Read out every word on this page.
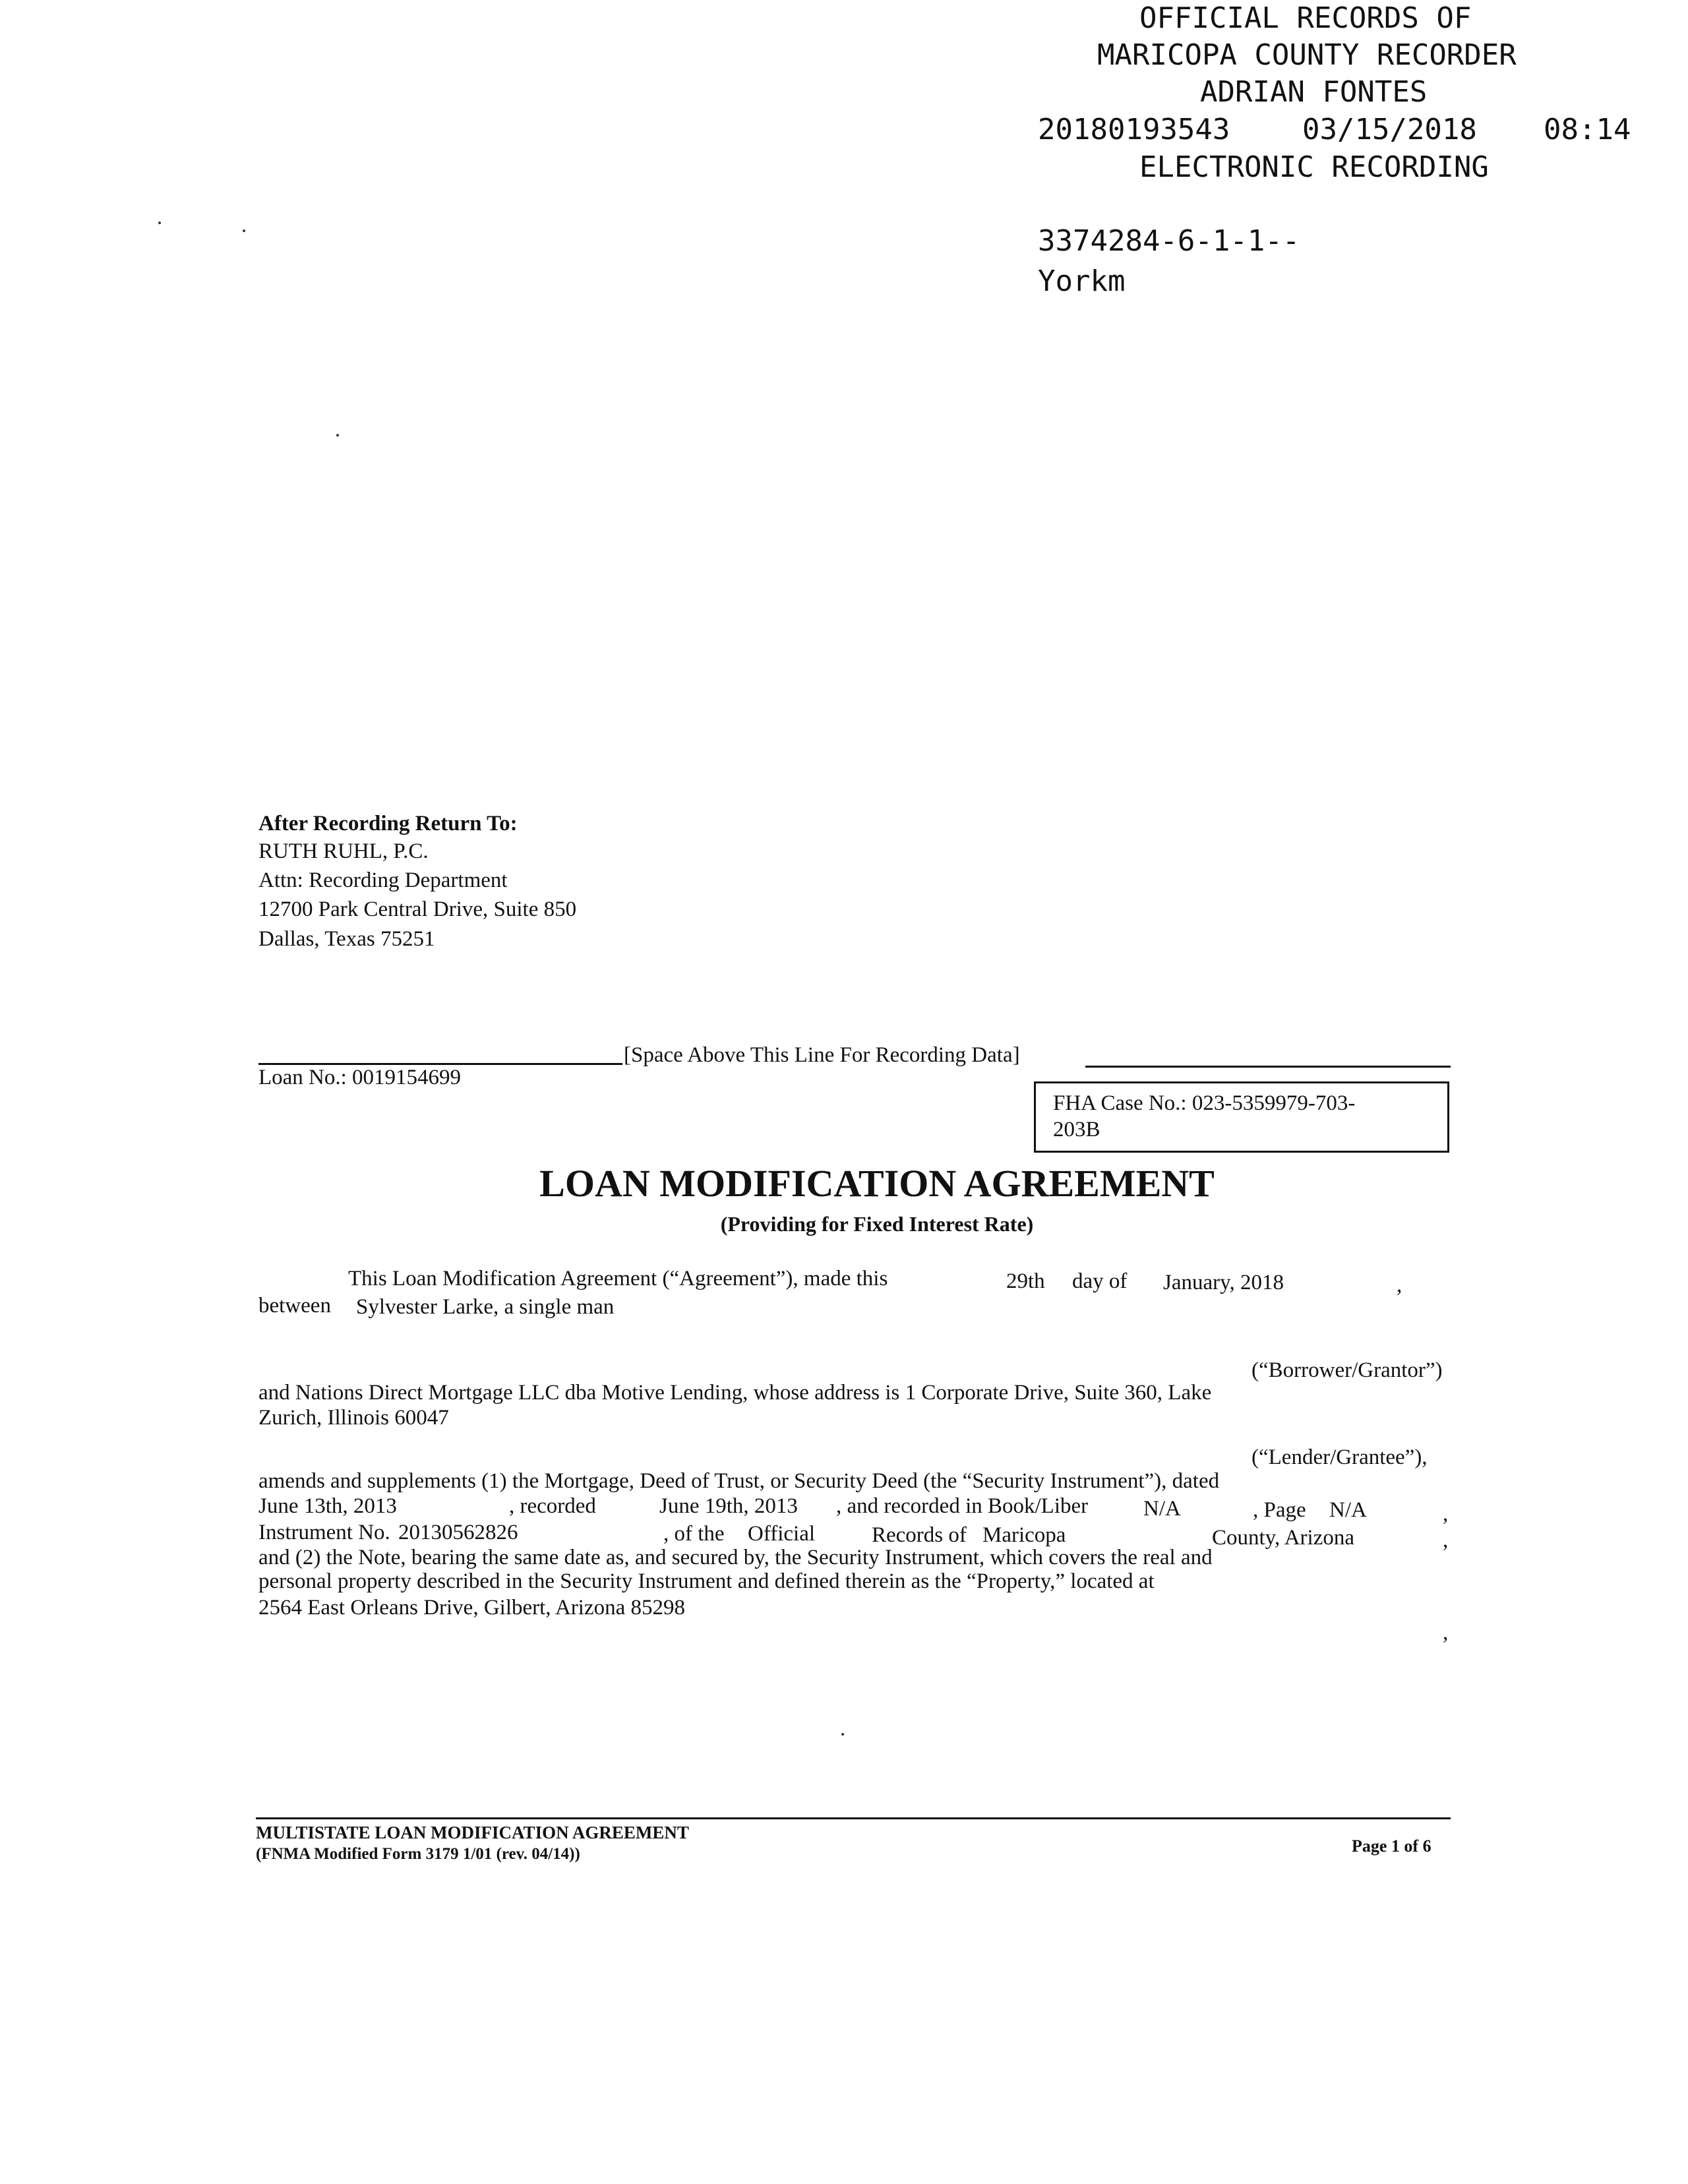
OFFICIAL RECORDS OF
MARICOPA COUNTY RECORDER
ADRIAN FONTES
20180193543 03/15/2018 08:14
ELECTRONIC RECORDING
3374284-6-1-1--
Yorkm
After Recording Return To:
RUTH RUHL, P.C.
Attn: Recording Department
12700 Park Central Drive, Suite 850
Dallas, Texas 75251
[Space Above This Line For Recording Data]
Loan No.: 0019154699
FHA Case No.: 023-5359979-703-
203B
LOAN MODIFICATION AGREEMENT
(Providing for Fixed Interest Rate)
This Loan Modification Agreement (“Agreement”), made this	29th day of January, 2018	,
between Sylvester Larke, a single man
(“Borrower/Grantor”)
and Nations Direct Mortgage LLC dba Motive Lending, whose address is 1 Corporate Drive, Suite 360, Lake
Zurich, Illinois 60047
(“Lender/Grantee”),
amends and supplements (1) the Mortgage, Deed of Trust, or Security Deed (the “Security Instrument”), dated
June 13th, 2013	, recorded	June 19th, 2013 , and recorded in Book/Liber	N/A	, Page N/A	,
Instrument No. 20130562826	, of the Official	Records of Maricopa	County, Arizona	,
and (2) the Note, bearing the same date as, and secured by, the Security Instrument, which covers the real and
personal property described in the Security Instrument and defined therein as the “Property,” located at
2564 East Orleans Drive, Gilbert, Arizona 85298
,
MULTISTATE LOAN MODIFICATION AGREEMENT
(FNMA Modified Form 3179 1/01 (rev. 04/14))	Page 1 of 6
